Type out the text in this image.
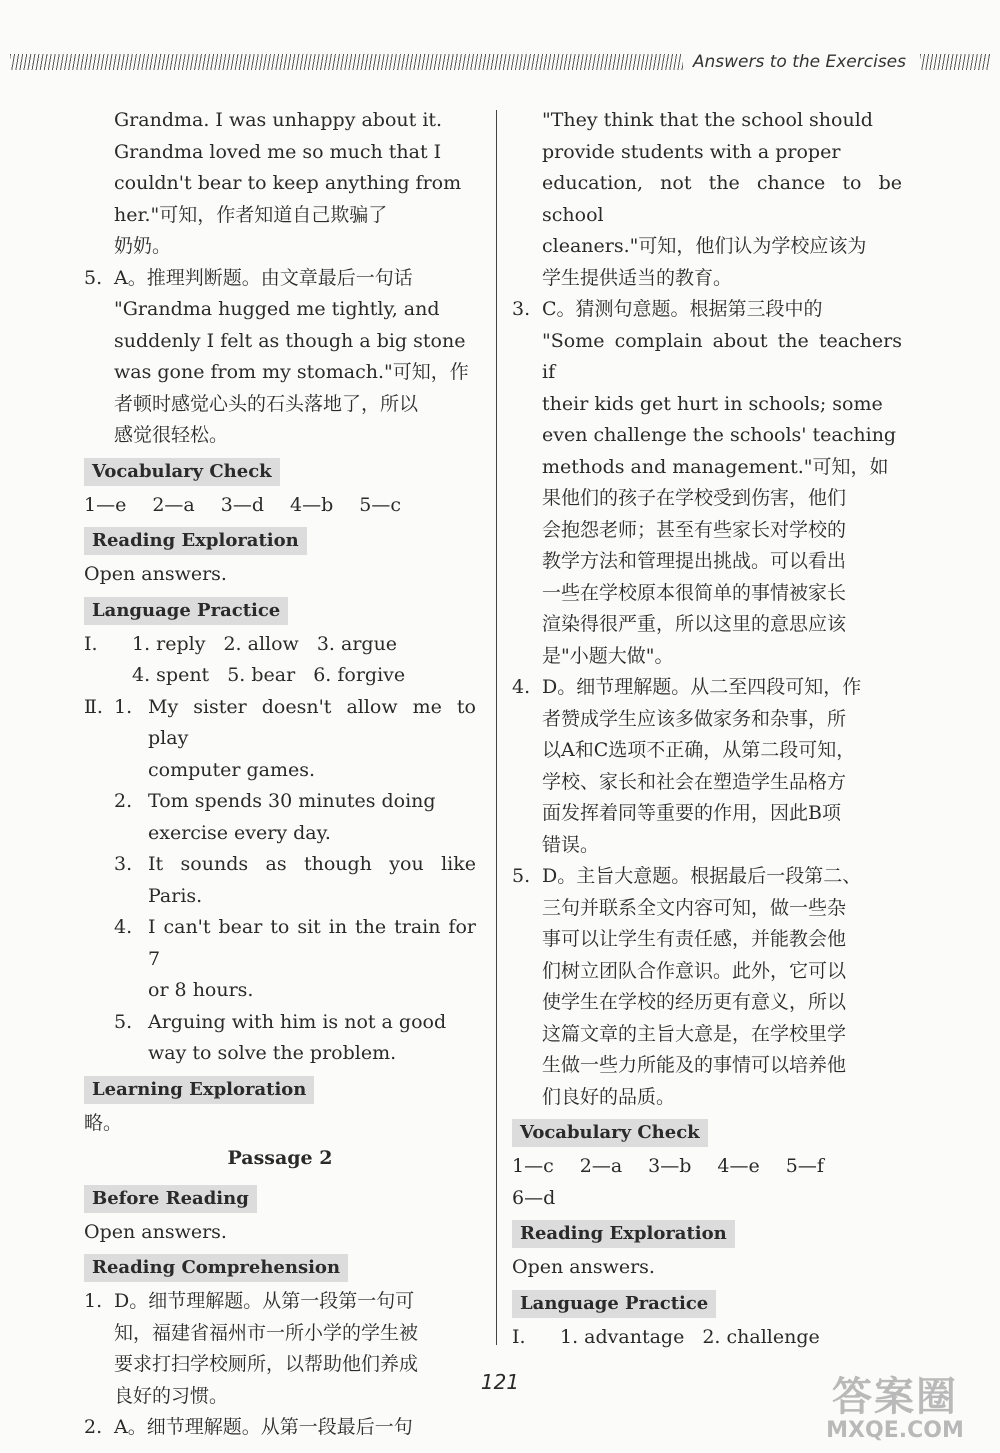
Answers to the Exercises

Grandma. I was unhappy about it.

Grandma loved me so much that I

couldn't bear to keep anything from

her."可知，作者知道自己欺骗了

奶奶。

5. A。推理判断题。由文章最后一句话

"Grandma hugged me tightly, and

suddenly I felt as though a big stone

was gone from my stomach."可知，作

者顿时感觉心头的石头落地了，所以

感觉很轻松。

Vocabulary Check

1—e 2—a 3—d 4—b 5—c

Reading Exploration

Open answers.

Language Practice
Ⅰ.	1. reply 2. allow 3. argue
4. spent 5. bear 6. forgive
Ⅱ. 1. My sister doesn't allow me to play

computer games.

2. Tom spends 30 minutes doing

exercise every day.

3. It sounds as though you like Paris.

4. I can't bear to sit in the train for 7

or 8 hours.

5. Arguing with him is not a good

way to solve the problem.

Learning Exploration

略。

Passage 2

Before Reading

Open answers.

Reading Comprehension
1. D。细节理解题。从第一段第一句可

知，福建省福州市一所小学的学生被

要求打扫学校厕所，以帮助他们养成

良好的习惯。

2. A。细节理解题。从第一段最后一句

"They think that the school should

provide students with a proper

education, not the chance to be school

cleaners."可知，他们认为学校应该为

学生提供适当的教育。

3. C。猜测句意题。根据第三段中的

"Some complain about the teachers if

their kids get hurt in schools; some

even challenge the schools' teaching

methods and management."可知，如

果他们的孩子在学校受到伤害，他们

会抱怨老师；甚至有些家长对学校的

教学方法和管理提出挑战。可以看出

一些在学校原本很简单的事情被家长

渲染得很严重，所以这里的意思应该

是"小题大做"。

4. D。细节理解题。从二至四段可知，作

者赞成学生应该多做家务和杂事，所

以A和C选项不正确，从第二段可知，

学校、家长和社会在塑造学生品格方

面发挥着同等重要的作用，因此B项

错误。

5. D。主旨大意题。根据最后一段第二、

三句并联系全文内容可知，做一些杂

事可以让学生有责任感，并能教会他

们树立团队合作意识。此外，它可以

使学生在学校的经历更有意义，所以

这篇文章的主旨大意是，在学校里学

生做一些力所能及的事情可以培养他

们良好的品质。

Vocabulary Check

1—c 2—a 3—b 4—e 5—f6—d

Reading Exploration

Open answers.

Language Practice
Ⅰ.	1. advantage 2. challenge
121	答案圈
MXQE.COM
